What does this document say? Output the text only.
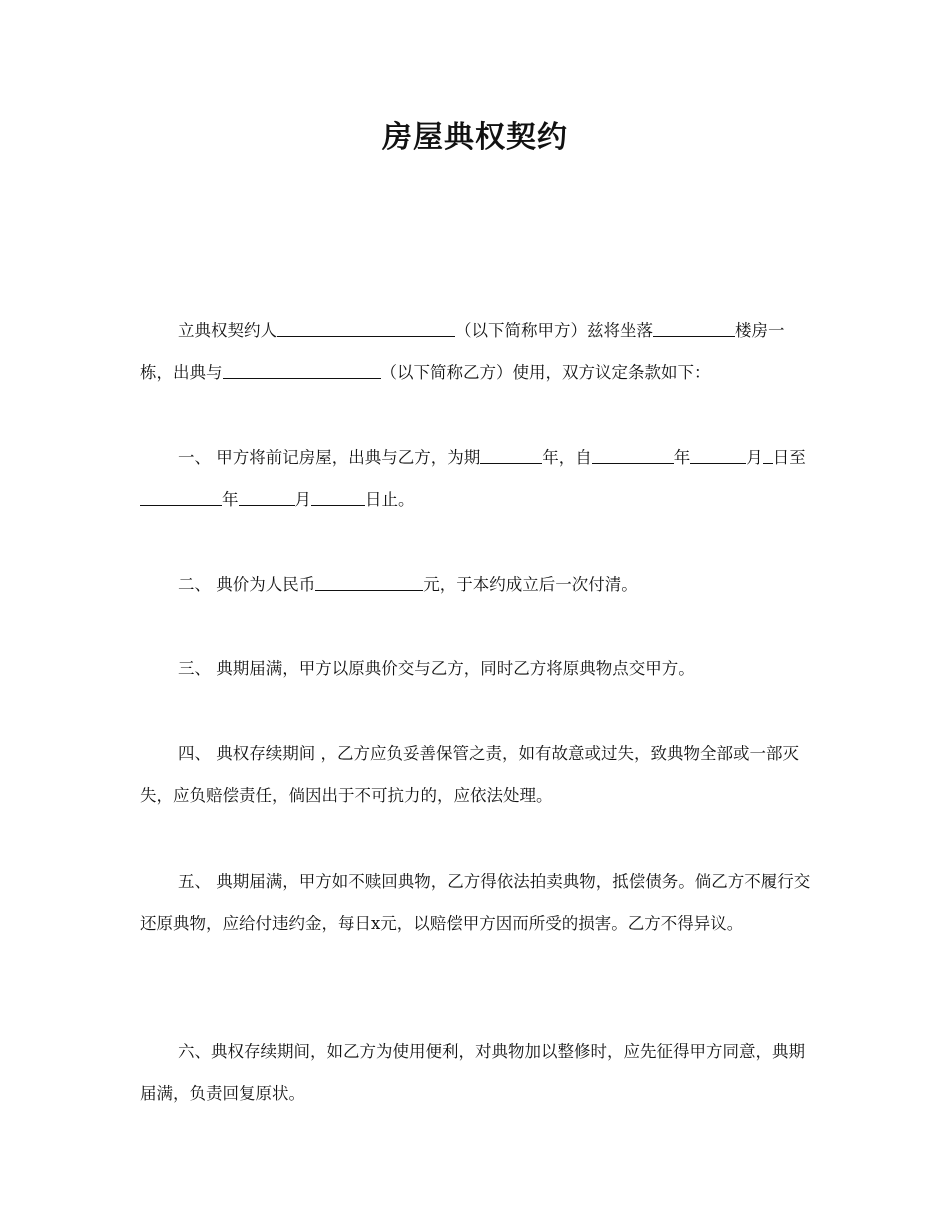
房屋典权契约
立典权契约人	（以下简称甲方）兹将坐落	楼房一栋，出典与	（以下简称乙方）使用，双方议定条款如下：
一、 甲方将前记房屋，出典与乙方，为期	年，自	年	月 日至年	月	日止。
二、 典价为人民币	元，于本约成立后一次付清。
三、 典期届满，甲方以原典价交与乙方，同时乙方将原典物点交甲方。
四、 典权存续期间 ，乙方应负妥善保管之责，如有故意或过失，致典物全部或一部灭失，应负赔偿责任，倘因出于不可抗力的，应依法处理。
五、 典期届满，甲方如不赎回典物，乙方得依法拍卖典物，抵偿债务。倘乙方不履行交还原典物，应给付违约金，每日x元，以赔偿甲方因而所受的损害。乙方不得异议。
六、典权存续期间，如乙方为使用便利，对典物加以整修时，应先征得甲方同意，典期届满，负责回复原状。
